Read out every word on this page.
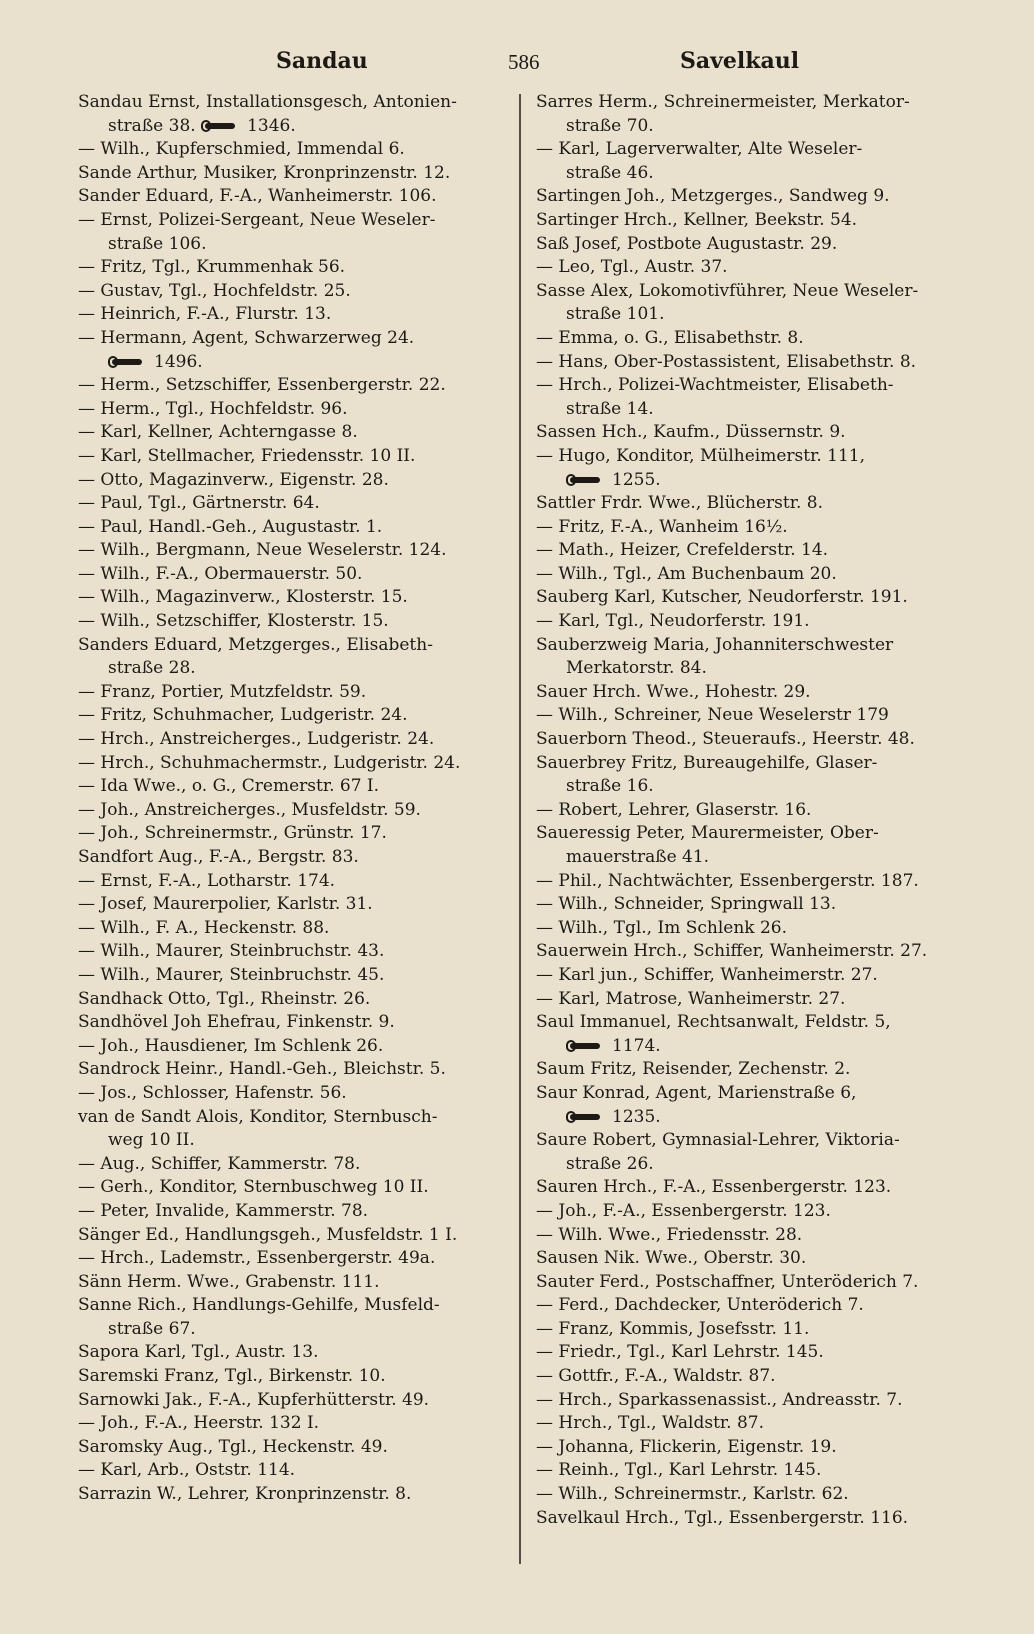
Sandau	586	Savelkaul
Sandau Ernst, Installationsgesch, Antonien-
straße 38.	1346.
— Wilh., Kupferschmied, Immendal 6.
Sande Arthur, Musiker, Kronprinzenstr. 12.
Sander Eduard, F.-A., Wanheimerstr. 106.
— Ernst, Polizei-Sergeant, Neue Weseler-
straße 106.
— Fritz, Tgl., Krummenhak 56.
— Gustav, Tgl., Hochfeldstr. 25.
— Heinrich, F.-A., Flurstr. 13.
— Hermann, Agent, Schwarzerweg 24.
1496.
— Herm., Setzschiffer, Essenbergerstr. 22.
— Herm., Tgl., Hochfeldstr. 96.
— Karl, Kellner, Achterngasse 8.
— Karl, Stellmacher, Friedensstr. 10 II.
— Otto, Magazinverw., Eigenstr. 28.
— Paul, Tgl., Gärtnerstr. 64.
— Paul, Handl.-Geh., Augustastr. 1.
— Wilh., Bergmann, Neue Weselerstr. 124.
— Wilh., F.-A., Obermauerstr. 50.
— Wilh., Magazinverw., Klosterstr. 15.
— Wilh., Setzschiffer, Klosterstr. 15.
Sanders Eduard, Metzgerges., Elisabeth-
straße 28.
— Franz, Portier, Mutzfeldstr. 59.
— Fritz, Schuhmacher, Ludgeristr. 24.
— Hrch., Anstreicherges., Ludgeristr. 24.
— Hrch., Schuhmachermstr., Ludgeristr. 24.
— Ida Wwe., o. G., Cremerstr. 67 I.
— Joh., Anstreicherges., Musfeldstr. 59.
— Joh., Schreinermstr., Grünstr. 17.
Sandfort Aug., F.-A., Bergstr. 83.
— Ernst, F.-A., Lotharstr. 174.
— Josef, Maurerpolier, Karlstr. 31.
— Wilh., F. A., Heckenstr. 88.
— Wilh., Maurer, Steinbruchstr. 43.
— Wilh., Maurer, Steinbruchstr. 45.
Sandhack Otto, Tgl., Rheinstr. 26.
Sandhövel Joh Ehefrau, Finkenstr. 9.
— Joh., Hausdiener, Im Schlenk 26.
Sandrock Heinr., Handl.-Geh., Bleichstr. 5.
— Jos., Schlosser, Hafenstr. 56.
van de Sandt Alois, Konditor, Sternbusch-
weg 10 II.
— Aug., Schiffer, Kammerstr. 78.
— Gerh., Konditor, Sternbuschweg 10 II.
— Peter, Invalide, Kammerstr. 78.
Sänger Ed., Handlungsgeh., Musfeldstr. 1 I.
— Hrch., Lademstr., Essenbergerstr. 49a.
Sänn Herm. Wwe., Grabenstr. 111.
Sanne Rich., Handlungs-Gehilfe, Musfeld-
straße 67.
Sapora Karl, Tgl., Austr. 13.
Saremski Franz, Tgl., Birkenstr. 10.
Sarnowki Jak., F.-A., Kupferhütterstr. 49.
— Joh., F.-A., Heerstr. 132 I.
Saromsky Aug., Tgl., Heckenstr. 49.
— Karl, Arb., Oststr. 114.
Sarrazin W., Lehrer, Kronprinzenstr. 8.
Sarres Herm., Schreinermeister, Merkator-
straße 70.
— Karl, Lagerverwalter, Alte Weseler-
straße 46.
Sartingen Joh., Metzgerges., Sandweg 9.
Sartinger Hrch., Kellner, Beekstr. 54.
Saß Josef, Postbote Augustastr. 29.
— Leo, Tgl., Austr. 37.
Sasse Alex, Lokomotivführer, Neue Weseler-
straße 101.
— Emma, o. G., Elisabethstr. 8.
— Hans, Ober-Postassistent, Elisabethstr. 8.
— Hrch., Polizei-Wachtmeister, Elisabeth-
straße 14.
Sassen Hch., Kaufm., Düssernstr. 9.
— Hugo, Konditor, Mülheimerstr. 111,
1255.
Sattler Frdr. Wwe., Blücherstr. 8.
— Fritz, F.-A., Wanheim 16½.
— Math., Heizer, Crefelderstr. 14.
— Wilh., Tgl., Am Buchenbaum 20.
Sauberg Karl, Kutscher, Neudorferstr. 191.
— Karl, Tgl., Neudorferstr. 191.
Sauberzweig Maria, Johanniterschwester
Merkatorstr. 84.
Sauer Hrch. Wwe., Hohestr. 29.
— Wilh., Schreiner, Neue Weselerstr 179
Sauerborn Theod., Steueraufs., Heerstr. 48.
Sauerbrey Fritz, Bureaugehilfe, Glaser-
straße 16.
— Robert, Lehrer, Glaserstr. 16.
Saueressig Peter, Maurermeister, Ober-
mauerstraße 41.
— Phil., Nachtwächter, Essenbergerstr. 187.
— Wilh., Schneider, Springwall 13.
— Wilh., Tgl., Im Schlenk 26.
Sauerwein Hrch., Schiffer, Wanheimerstr. 27.
— Karl jun., Schiffer, Wanheimerstr. 27.
— Karl, Matrose, Wanheimerstr. 27.
Saul Immanuel, Rechtsanwalt, Feldstr. 5,
1174.
Saum Fritz, Reisender, Zechenstr. 2.
Saur Konrad, Agent, Marienstraße 6,
1235.
Saure Robert, Gymnasial-Lehrer, Viktoria-
straße 26.
Sauren Hrch., F.-A., Essenbergerstr. 123.
— Joh., F.-A., Essenbergerstr. 123.
— Wilh. Wwe., Friedensstr. 28.
Sausen Nik. Wwe., Oberstr. 30.
Sauter Ferd., Postschaffner, Unteröderich 7.
— Ferd., Dachdecker, Unteröderich 7.
— Franz, Kommis, Josefsstr. 11.
— Friedr., Tgl., Karl Lehrstr. 145.
— Gottfr., F.-A., Waldstr. 87.
— Hrch., Sparkassenassist., Andreasstr. 7.
— Hrch., Tgl., Waldstr. 87.
— Johanna, Flickerin, Eigenstr. 19.
— Reinh., Tgl., Karl Lehrstr. 145.
— Wilh., Schreinermstr., Karlstr. 62.
Savelkaul Hrch., Tgl., Essenbergerstr. 116.
